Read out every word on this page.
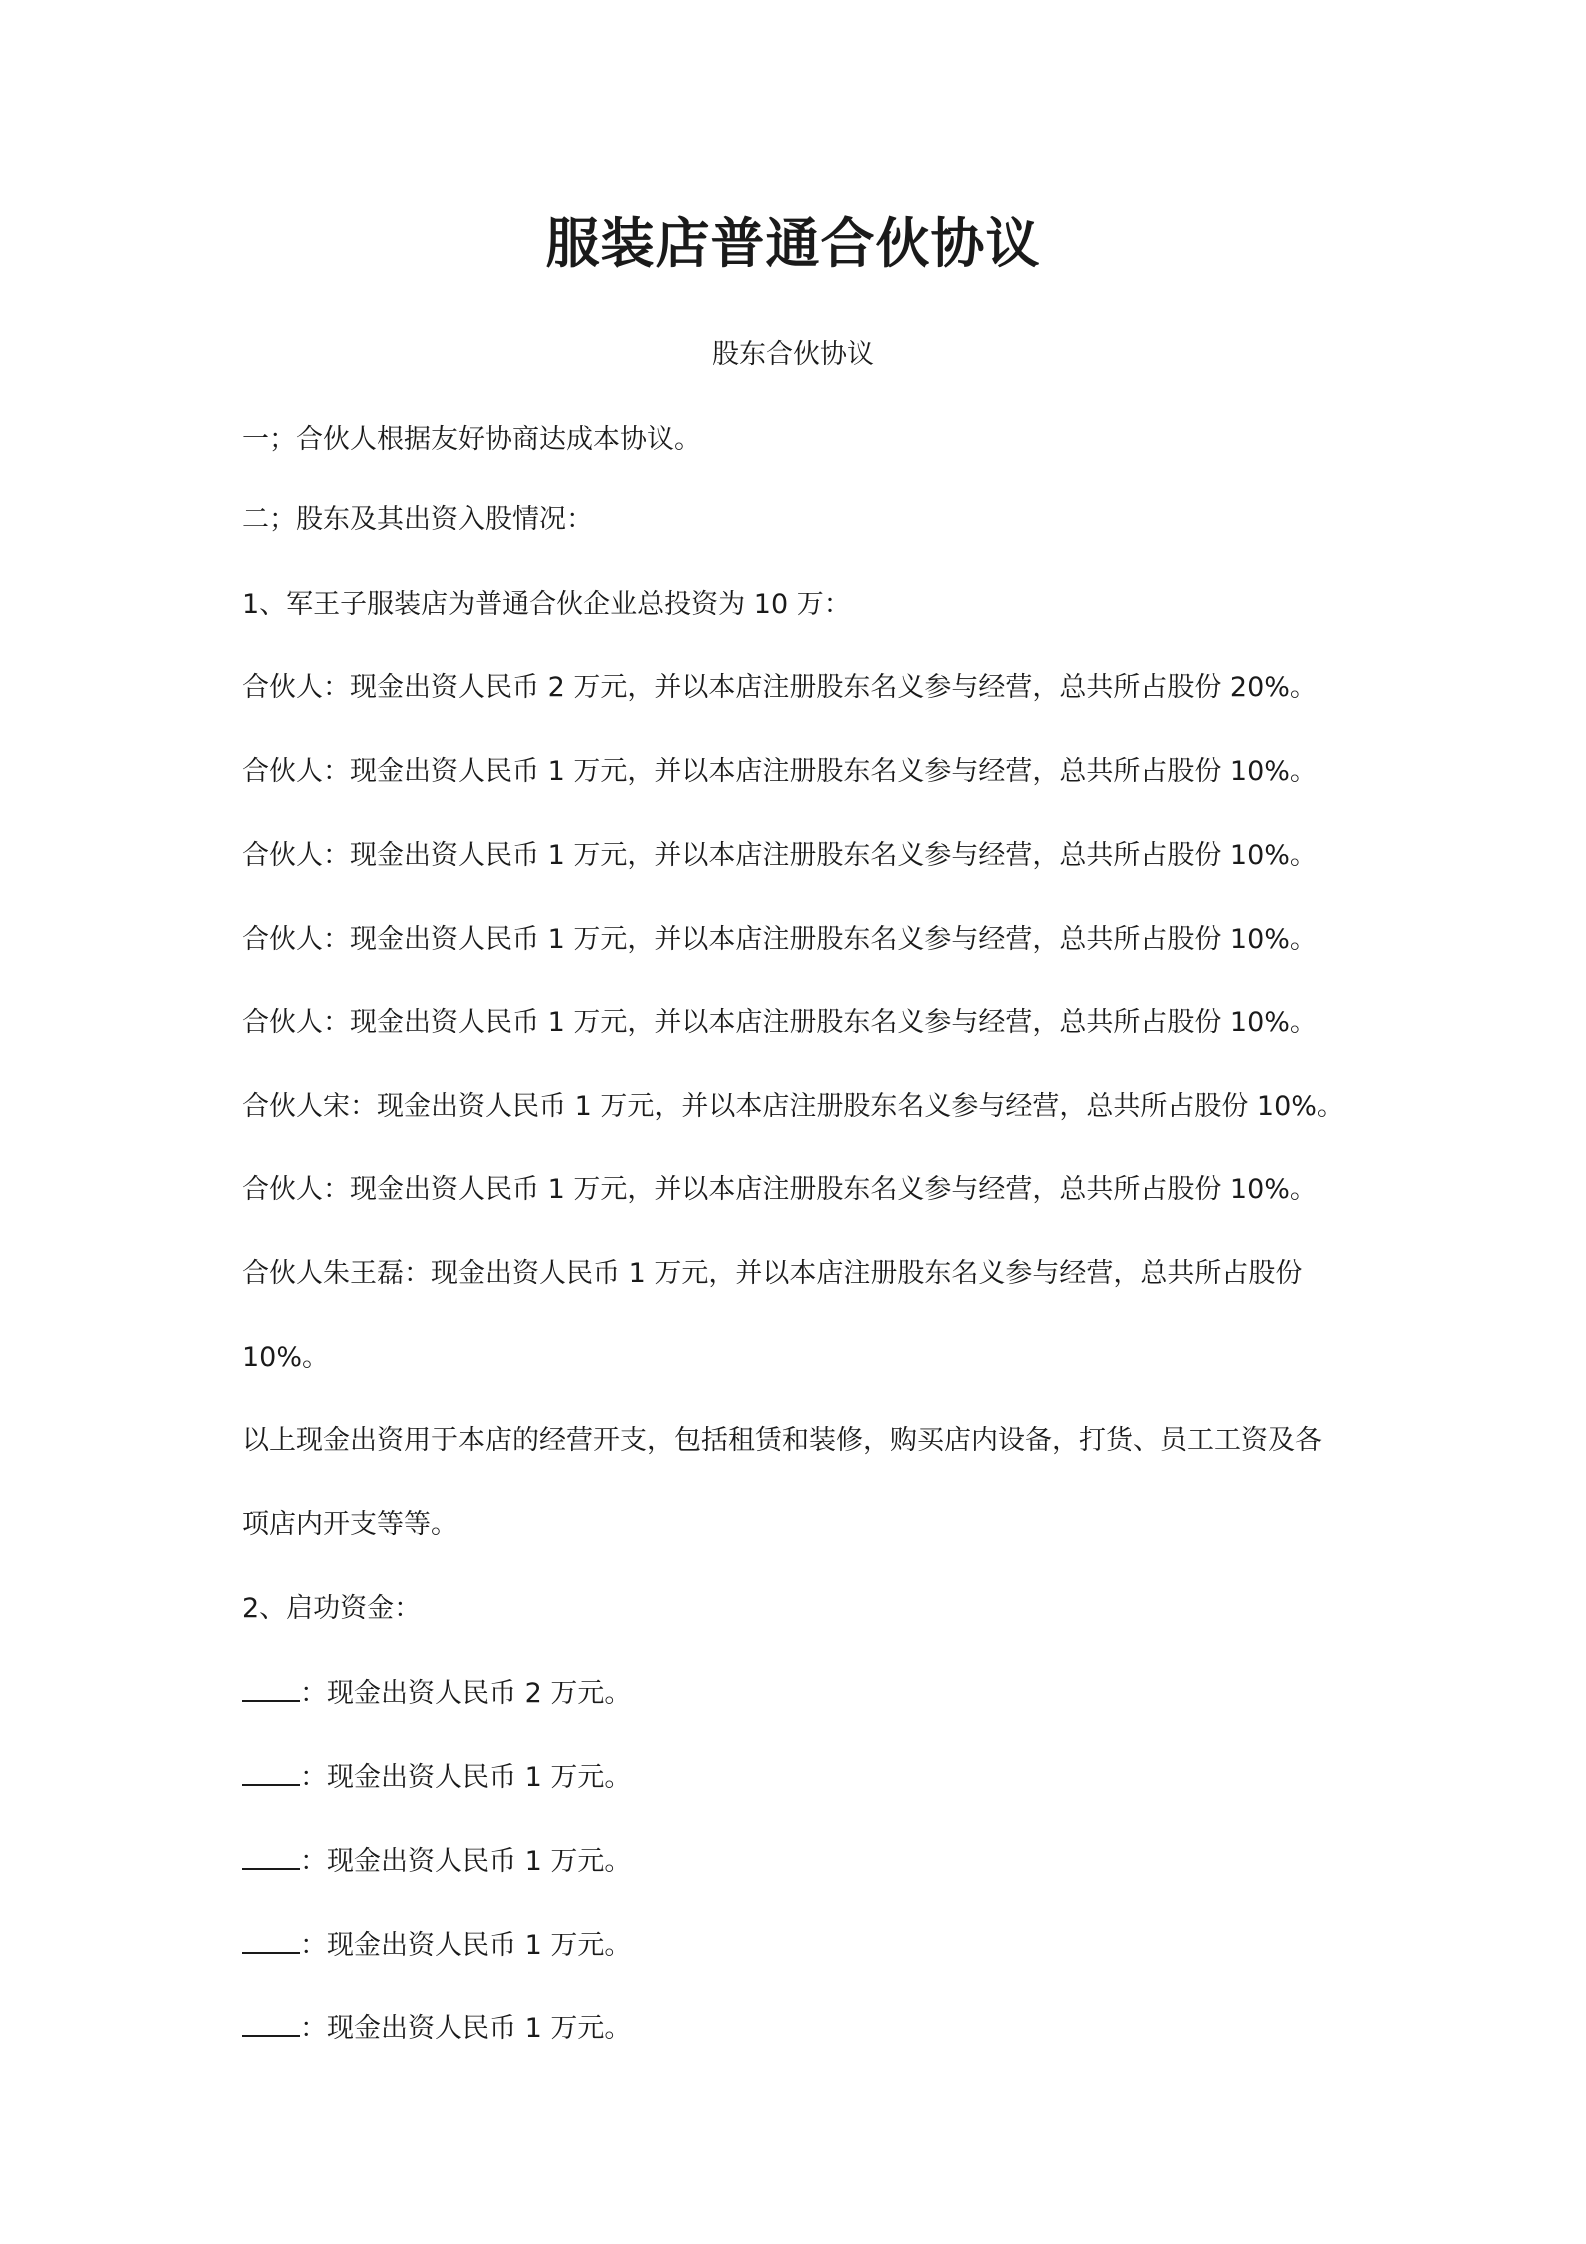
服装店普通合伙协议
股东合伙协议
一；合伙人根据友好协商达成本协议。
二；股东及其出资入股情况：
1、军王子服装店为普通合伙企业总投资为 10 万：
合伙人：现金出资人民币 2 万元，并以本店注册股东名义参与经营，总共所占股份 20%。
合伙人：现金出资人民币 1 万元，并以本店注册股东名义参与经营，总共所占股份 10%。
合伙人：现金出资人民币 1 万元，并以本店注册股东名义参与经营，总共所占股份 10%。
合伙人：现金出资人民币 1 万元，并以本店注册股东名义参与经营，总共所占股份 10%。
合伙人：现金出资人民币 1 万元，并以本店注册股东名义参与经营，总共所占股份 10%。
合伙人宋：现金出资人民币 1 万元，并以本店注册股东名义参与经营，总共所占股份 10%。
合伙人：现金出资人民币 1 万元，并以本店注册股东名义参与经营，总共所占股份 10%。
合伙人朱王磊：现金出资人民币 1 万元，并以本店注册股东名义参与经营，总共所占股份
10%。
以上现金出资用于本店的经营开支，包括租赁和装修，购买店内设备，打货、员工工资及各
项店内开支等等。
2、启功资金：
：现金出资人民币 2 万元。
：现金出资人民币 1 万元。
：现金出资人民币 1 万元。
：现金出资人民币 1 万元。
：现金出资人民币 1 万元。
